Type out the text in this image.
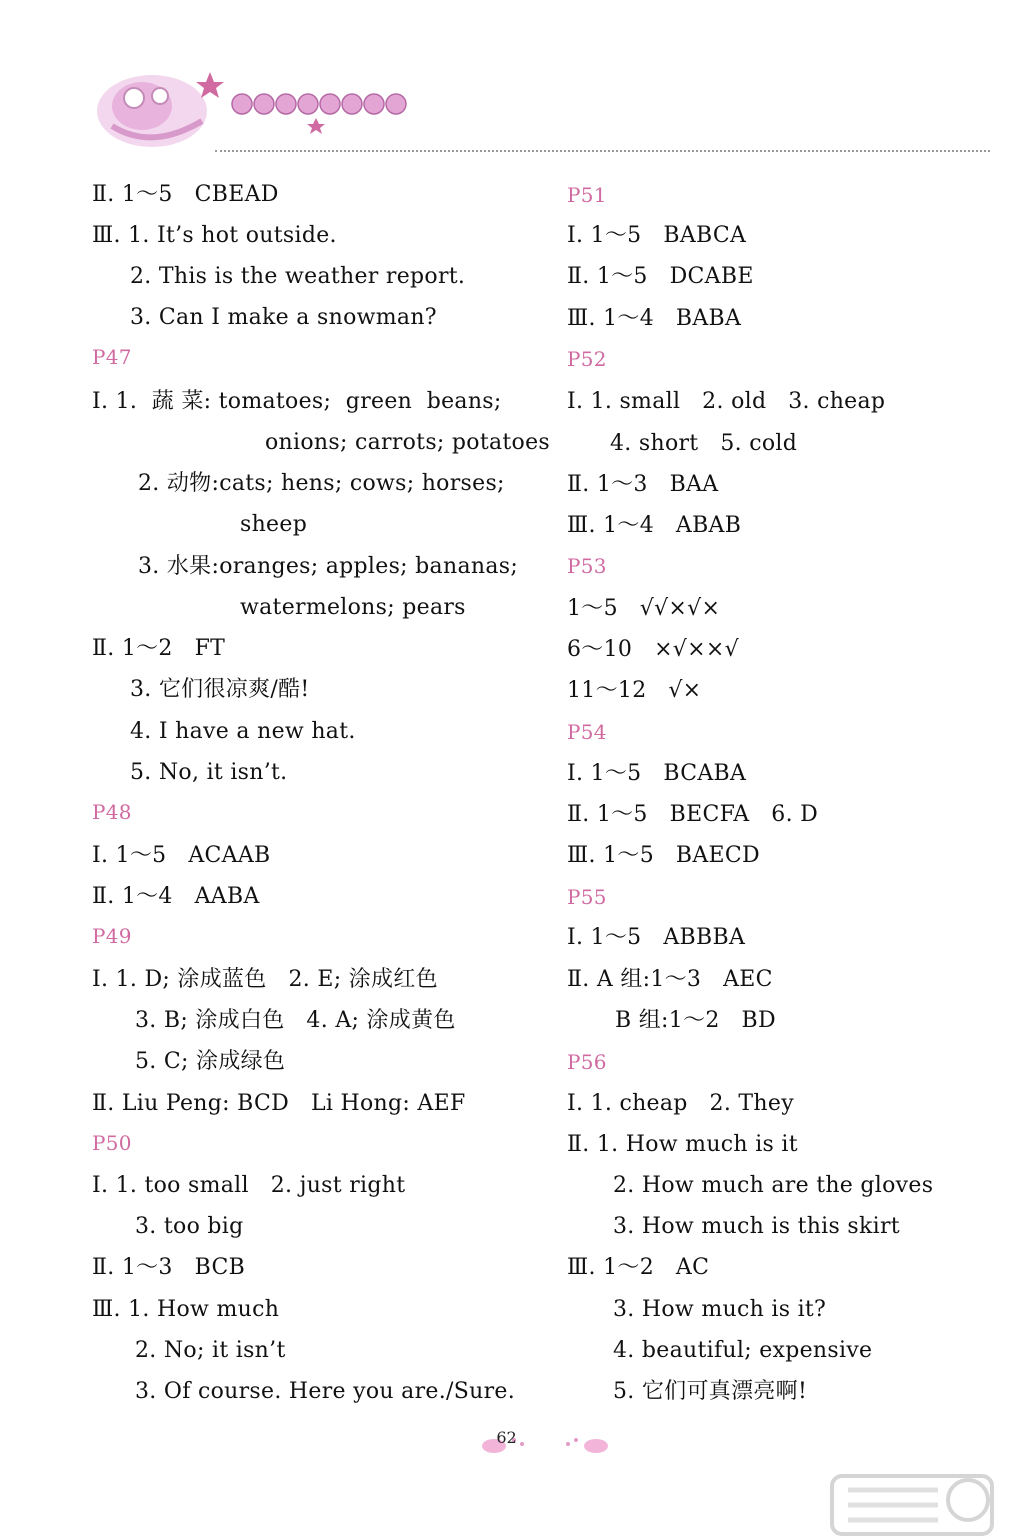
Ⅱ. 1～5   CBEAD
Ⅲ. 1. It’s hot outside.
2. This is the weather report.
3. Can I make a snowman?
P47
Ⅰ. 1.  蔬 菜: tomatoes;  green  beans;
onions; carrots; potatoes
2. 动物:cats; hens; cows; horses;
sheep
3. 水果:oranges; apples; bananas;
watermelons; pears
Ⅱ. 1～2   FT
3. 它们很凉爽/酷!
4. I have a new hat.
5. No, it isn’t.
P48
Ⅰ. 1～5   ACAAB
Ⅱ. 1～4   AABA
P49
Ⅰ. 1. D; 涂成蓝色   2. E; 涂成红色
3. B; 涂成白色   4. A; 涂成黄色
5. C; 涂成绿色
Ⅱ. Liu Peng: BCD   Li Hong: AEF
P50
Ⅰ. 1. too small   2. just right
3. too big
Ⅱ. 1～3   BCB
Ⅲ. 1. How much
2. No; it isn’t
3. Of course. Here you are./Sure.
P51
Ⅰ. 1～5   BABCA
Ⅱ. 1～5   DCABE
Ⅲ. 1～4   BABA
P52
Ⅰ. 1. small   2. old   3. cheap
4. short   5. cold
Ⅱ. 1～3   BAA
Ⅲ. 1～4   ABAB
P53
1～5   √√×√×
6～10   ×√××√
11～12   √×
P54
Ⅰ. 1～5   BCABA
Ⅱ. 1～5   BECFA   6. D
Ⅲ. 1～5   BAECD
P55
Ⅰ. 1～5   ABBBA
Ⅱ. A 组:1～3   AEC
B 组:1～2   BD
P56
Ⅰ. 1. cheap   2. They
Ⅱ. 1. How much is it
2. How much are the gloves
3. How much is this skirt
Ⅲ. 1～2   AC
3. How much is it?
4. beautiful; expensive
5. 它们可真漂亮啊!
62
